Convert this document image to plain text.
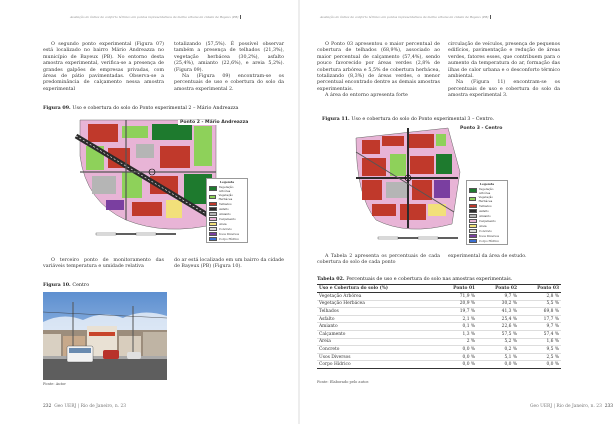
Avaliação do índice de conforto térmico em pontos representativos da malha urbana da cidade de Bayeux (PB)

O segundo ponto experimental (Figura 07) está localizado no bairro Mário Andreazza no município de Bayeux (PB). No entorno desta amostra experimental, verifica-se a presença de grandes galpões de empresas privadas, com áreas de pátio pavimentadas. Observa-se a predominância de calçamento nessa amostra experimental

totalizando (57,5%). É possível observar também a presença de telhados (21,3%), vegetação herbácea (30,2%), asfalto (25,4%), amianto (22,6%), e areia 5,2%). (Figura 09).

Na (Figura 09) encontram-se os percentuais de uso e cobertura do solo da amostra experimental 2.

Figura 09. Uso e cobertura do solo do Ponto experimental 2 – Mário Andreazza
Ponto 2 - Mário Andreazza
Legenda
Vegetação Arbórea
Vegetação Herbácea
Telhados
Asfalto
Amianto
Calçamento
Areia
Concreto
Usos Diversos
Corpo Hídrico

O terceiro ponto de monitoramento das variáveis temperatura e umidade relativa

do ar está localizado em um bairro da cidade de Bayeux (PB) (Figura 10).

Figura 10. Centro
Fonte: Autor
232 Geo UERJ | Rio de Janeiro, n. 23
Avaliação do índice de conforto térmico em pontos representativos da malha urbana da cidade de Bayeux (PB)

O Ponto 03 apresentou o maior percentual de cobertura de telhados (68,9%), associado ao maior percentual de calçamento (57,4%), sendo pouco favorecido por áreas verdes (2,8% de cobertura arbórea e 5,5% de cobertura herbácea, totalizando (8,3%) de áreas verdes, o menor percentual encontrado dentre as demais amostras experimentais.

A área do entorno apresenta forte

circulação de veículos, presença de pequenos edifícios, pavimentação e redução de áreas verdes, fatores esses, que contribuem para o aumento da temperatura do ar, formação das ilhas de calor urbana e o desconforto térmico ambiental.

Na (Figura 11) encontram-se os percentuais de uso e cobertura do solo da amostra experimental 3.

Figura 11. Uso e cobertura do solo do Ponto experimental 3 – Centro.
Ponto 3 - Centro
Legenda
Vegetação Arbórea
Vegetação Herbácea
Telhados
Asfalto
Amianto
Calçamento
Areia
Concreto
Usos Diversos
Corpo Hídrico

A Tabela 2 apresenta os percentuais de cada cobertura do solo de cada ponto

experimental da área de estudo.

Tabela 02. Percentuais de uso e cobertura do solo nas amostras experimentais.
Uso e Cobertura do solo (%)	Ponto 01	Ponto 02	Ponto 03
Vegetação Arbórea	71,9 %	9,7 %	2,8 %
Vegetação Herbácea	20,9 %	30,2 %	5,5 %
Telhados	19,7 %	41,3 %	69,8 %
Asfalto	2,1 %	25,4 %	17,7 %
Amianto	0,1 %	22,6 %	9,7 %
Calçamento	1,3 %	57,5 %	57,4 %
Areia	2 %	5,2 %	1,6 %
Concreto	0,0 %	0,2 %	9,5 %
Usos Diversos	0,0 %	5,1 %	2,5 %
Corpo Hídrico	0,0 %	0,0 %	0,0 %
Fonte: Elaborado pelo autor.
Geo UERJ | Rio de Janeiro, n. 23 233
